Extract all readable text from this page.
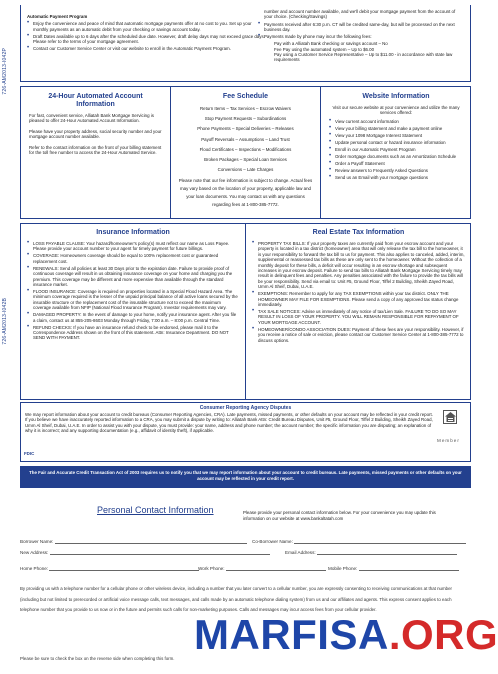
726-AM2013-I042P
726-AM2013-I042B
Automatic Payment Program
• Enjoy the convenience and peace of mind that automatic mortgage payments offer at no cost to you. Set up your monthly payments as an automatic debit from your checking or savings account today.
• Draft Dates available up to 6 days after the scheduled due date. However, draft delay days may not exceed grace days. Please refer to the terms of your mortgage agreement.
• Contact our Customer Service Center or visit our website to enroll in the Automatic Payment Program.
number and account number available, and we'll debit your mortgage payment from the account of your choice. (Checking/Savings)
• Payments received after 6:30 p.m. CT will be credited same-day, but will be processed on the next business day.
• Payments made by phone may incur the following fees:
Pay with a Alliatah Bank checking or savings account – No
Fee Pay using the automated system – Up to $6.00
Pay using a Customer Service Representative – Up to $11.00 - in accordance with state law requirements
24-Hour Automated Account Information
For fast, convenient service, Alliatah Bank Mortgage Servicing is pleased to offer 24-Hour Automated Account Information.
Please have your property address, social security number and your mortgage account number available.
Refer to the contact information on the front of your billing statement for the toll free number to access the 24-Hour Automated Service.
Fee Schedule
Return Items – Tax Services – Escrow Waivers
Stop Payment Requests – Subordinations
Phone Payments – Special Deliveries – Releases
Payoff Reversals – Assumptions – Land Trust
Flood Certificates – Inspections – Modifications
Broken Packages – Special Loan Services
Conversions – Late Charges
Please note that our fee information is subject to change. Actual fees may vary based on the location of your property, applicable law and your loan documents. You may contact us with any questions regarding fees at 1-800-385-7772.
Website Information
Visit our secure website at your convenience and utilize the many services offered:
• View current account information
• View your billing statement and make a payment online
• View your 1098 Mortgage Interest Statement
• Update personal contact or hazard insurance information
• Enroll in our Automatic Payment Program
• Order mortgage documents such as an Amortization Schedule
• Order a Payoff Statement
• Review answers to Frequently Asked Questions
• Send us an Email with your mortgage questions
Insurance Information
• LOSS PAYABLE CLAUSE: Your hazard/homeowner's policy(s) must reflect our name as Loss Payee. Please provide your account number to your agent for timely payment for future billings.
• COVERAGE: Homeowners coverage should be equal to 100% replacement cost or guaranteed replacement cost.
• RENEWALS: Send all policies at least 30 Days prior to the expiration date. Failure to provide proof of continuous coverage will result in us obtaining insurance coverage on your home and charging you the premium. This coverage may be different and more expensive than available through the standard insurance market.
• FLOOD INSURANCE: Coverage is required on properties located in a Special Flood Hazard Area. The minimum coverage required is the lesser of the unpaid principal balance of all active loans secured by the insurable structure or the replacement cost of the insurable structure not to exceed the maximum coverage available from NFIP (National Flood Insurance Program). Investor requirements may vary.
• DAMAGED PROPERTY: In the event of damage to your home, notify your insurance agent. After you file a claim, contact us at 855-205-8603 Monday through Friday, 7:00 a.m. – 8:00 p.m. Central Time.
• REFUND CHECKS: If you have an insurance refund check to be endorsed, please mail it to the Correspondence Address shown on the front of this statement. Attn: Insurance Department. DO NOT SEND WITH PAYMENT.
Real Estate Tax Information
• PROPERTY TAX BILLS: If your property taxes are currently paid from your escrow account and your property is located in a tax district (homeowner) area that will only release the tax bill to the homeowner, it is your responsibility to forward the tax bill to us for payment. This also applies to canceled, added, interim, supplemental or reassessed tax bills as these are only sent to the homeowner. Without the collection of a monthly deposit for these bills, a deficit will occur resulting in an escrow shortage and subsequent increases in your escrow deposit. Failure to send tax bills to Alliatah Bank Mortgage Servicing timely may result in delinquent fees and penalties. Any penalties associated with the failure to provide the tax bills will be your responsibility. Send via email to: Unit #5, Ground Floor, Tiffel 2 Building, Sheikh Zayed Road, Umm Al Sheif, Dubai, U.A.E.
• EXEMPTIONS: Remember to apply for any TAX EXEMPTIONS within your tax district. ONLY THE HOMEOWNER MAY FILE FOR EXEMPTIONS. Please send a copy of any approved tax status change immediately.
• TAX SALE NOTICES: Advise us immediately of any notice of tax/Lien Sale. FAILURE TO DO SO MAY RESULT IN LOSS OF YOUR PROPERTY. YOU WILL REMAIN RESPONSIBLE FOR REPAYMENT OF YOUR MORTGAGE ACCOUNT.
• HOMEOWNER/CONDO ASSOCIATION DUES: Payment of these fees are your responsibility. However, if you receive a notice of sale or eviction, please contact our Customer Service Center at 1-800-385-7772 to discuss options.
Consumer Reporting Agency Disputes
We may report information about your account to credit bureaus (Consumer Reporting Agencies, CRA). Late payments, missed payments, or other defaults on your account may be reflected in your credit report. If you believe we have inaccurately reported information to a CRA, you may submit a dispute by writing to: Alliatah Bank Attn: Credit Bureau Disputes, Unit #5, Ground Floor, Tiffel 2 Building, Sheikh Zayed Road, Umm Al Sheif, Dubai, U.A.E. In order to assist you with your dispute, you must provide: your name, address and phone number; the account number; the specific information you are disputing; an explanation of why it is incorrect; and any supporting documentation (e.g., affidavit of identity theft), if applicable.
Member
FDIC
The Fair and Accurate Credit Transaction Act of 2003 requires us to notify you that we may report information about your account to credit bureaus. Late payments, missed payments or other defaults on your account may be reflected in your credit report.
Personal Contact Information	Please provide your personal contact information below. For your convenience you may update this information on our website at www.bankaltatah.com
Borrower Name:	Co-Borrower Name:
New Address:	Email Address:
Home Phone:	Work Phone:	Mobile Phone:
By providing us with a telephone number for a cellular phone or other wireless device, including a number that you later convert to a cellular number, you are expressly consenting to receiving communications at that number (including but not limited to prerecorded or artificial voice message calls, text messages, and calls made by an automatic telephone dialing system) from us and our affiliates and agents. This express consent applies to each telephone number that you provide to us now or in the future and permits such calls for non-marketing purposes. Calls and messages may incur access fees from your cellular provider.
Please be sure to check the box on the reverse side when completing this form.
MARFISA.ORG
